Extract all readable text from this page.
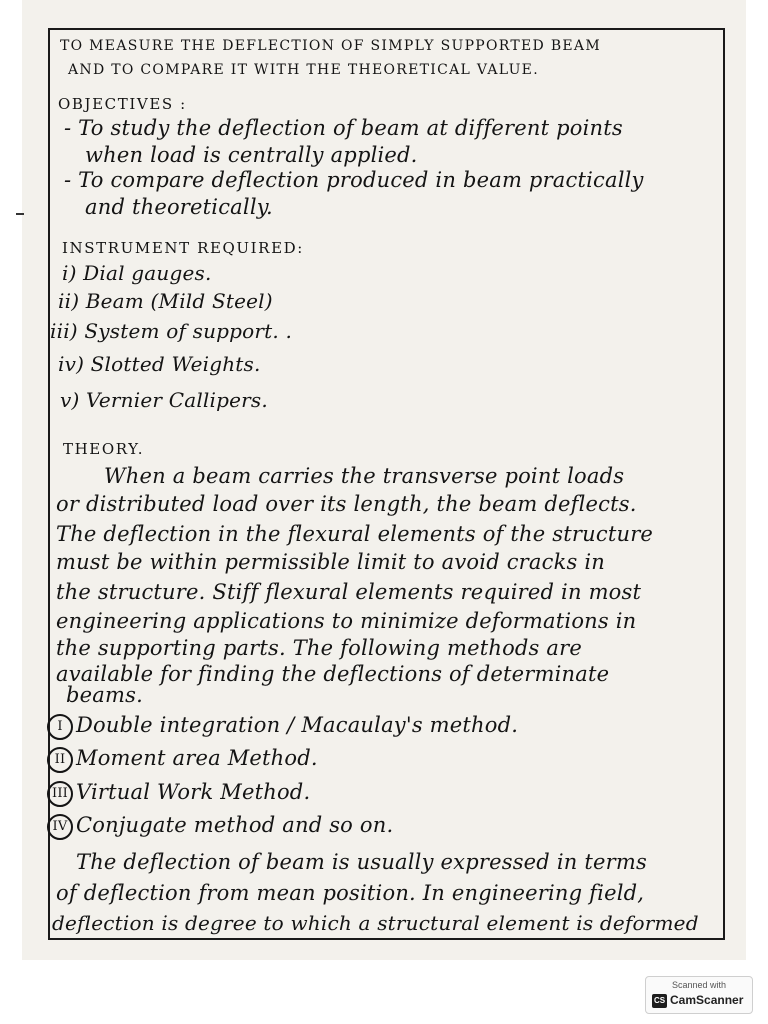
TO MEASURE THE DEFLECTION OF SIMPLY SUPPORTED BEAM
AND TO COMPARE IT WITH THE THEORETICAL VALUE.
OBJECTIVES :
- To study the deflection of beam at different points
when load is centrally applied.
- To compare deflection produced in beam practically
and theoretically.
INSTRUMENT REQUIRED:
i) Dial gauges.
ii) Beam (Mild Steel)
iii) System of support. .
iv) Slotted Weights.
v) Vernier Callipers.
THEORY.
When a beam carries the transverse point loads
or distributed load over its length, the beam deflects.
The deflection in the flexural elements of the structure
must be within permissible limit to avoid cracks in
the structure. Stiff flexural elements required in most
engineering applications to minimize deformations in
the supporting parts. The following methods are
available for finding the deflections of determinate
beams.
I Double integration / Macaulay's method.
II Moment area Method.
III Virtual Work Method.
IV Conjugate method and so on.
The deflection of beam is usually expressed in terms
of deflection from mean position. In engineering field,
deflection is degree to which a structural element is deformed
Scanned with
CS CamScanner
